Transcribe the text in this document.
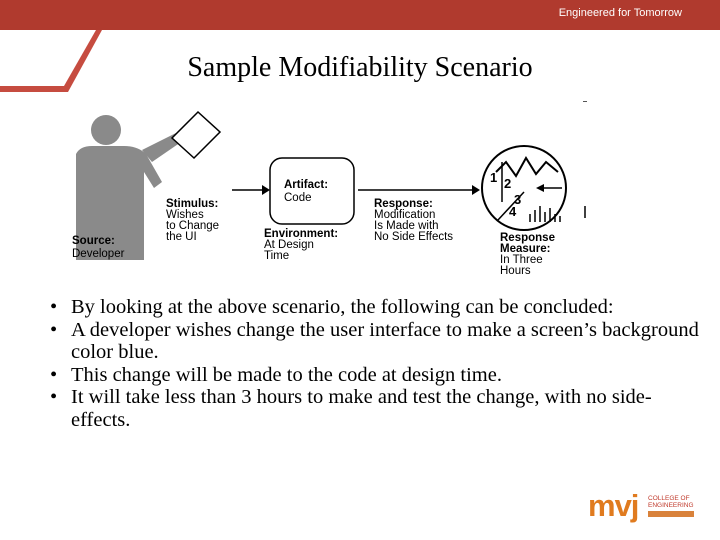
Engineered for Tomorrow
Sample Modifiability Scenario
Source:
Developer
Stimulus:
Wishes
to Change
the UI
Artifact:
Code
Environment:
At Design
Time
Response:
Modification
Is Made with
No Side Effects
1 2
3
4
Response
Measure:
In Three
Hours
• By looking at the above scenario, the following can be concluded:
• A developer wishes change the user interface to make a screen’s background color blue.
• This change will be made to the code at design time.
• It will take less than 3 hours to make and test the change, with no side-effects.
mvj COLLEGE OF
ENGINEERING
